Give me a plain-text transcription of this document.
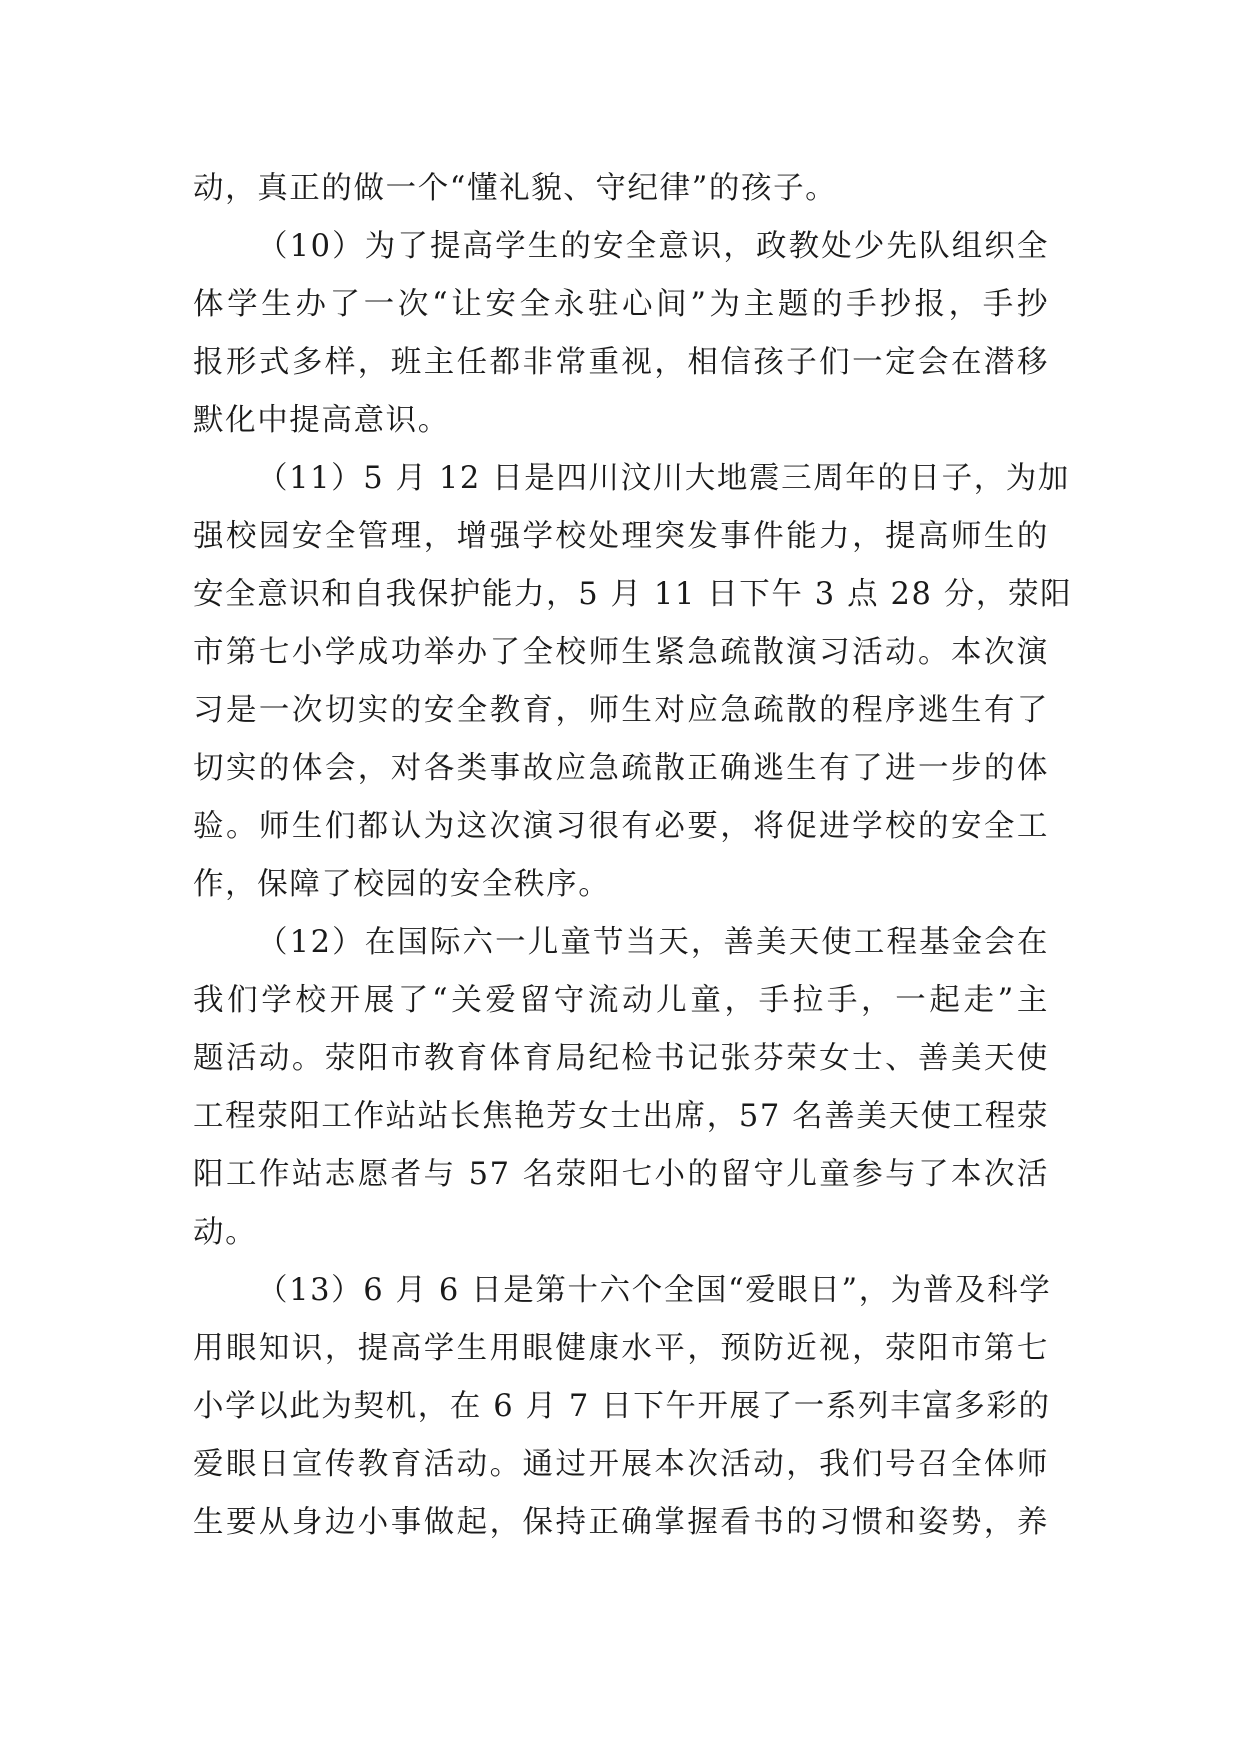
动，真正的做一个“懂礼貌、守纪律”的孩子。
（10）为了提高学生的安全意识，政教处少先队组织全
体学生办了一次“让安全永驻心间”为主题的手抄报，手抄
报形式多样，班主任都非常重视，相信孩子们一定会在潜移
默化中提高意识。
（11）5 月 12 日是四川汶川大地震三周年的日子，为加
强校园安全管理，增强学校处理突发事件能力，提高师生的
安全意识和自我保护能力，5 月 11 日下午 3 点 28 分，荥阳
市第七小学成功举办了全校师生紧急疏散演习活动。本次演
习是一次切实的安全教育，师生对应急疏散的程序逃生有了
切实的体会，对各类事故应急疏散正确逃生有了进一步的体
验。师生们都认为这次演习很有必要，将促进学校的安全工
作，保障了校园的安全秩序。
（12）在国际六一儿童节当天，善美天使工程基金会在
我们学校开展了“关爱留守流动儿童，手拉手，一起走”主
题活动。荥阳市教育体育局纪检书记张芬荣女士、善美天使
工程荥阳工作站站长焦艳芳女士出席，57 名善美天使工程荥
阳工作站志愿者与 57 名荥阳七小的留守儿童参与了本次活
动。
（13）6 月 6 日是第十六个全国“爱眼日”，为普及科学
用眼知识，提高学生用眼健康水平，预防近视，荥阳市第七
小学以此为契机，在 6 月 7 日下午开展了一系列丰富多彩的
爱眼日宣传教育活动。通过开展本次活动，我们号召全体师
生要从身边小事做起，保持正确掌握看书的习惯和姿势，养
